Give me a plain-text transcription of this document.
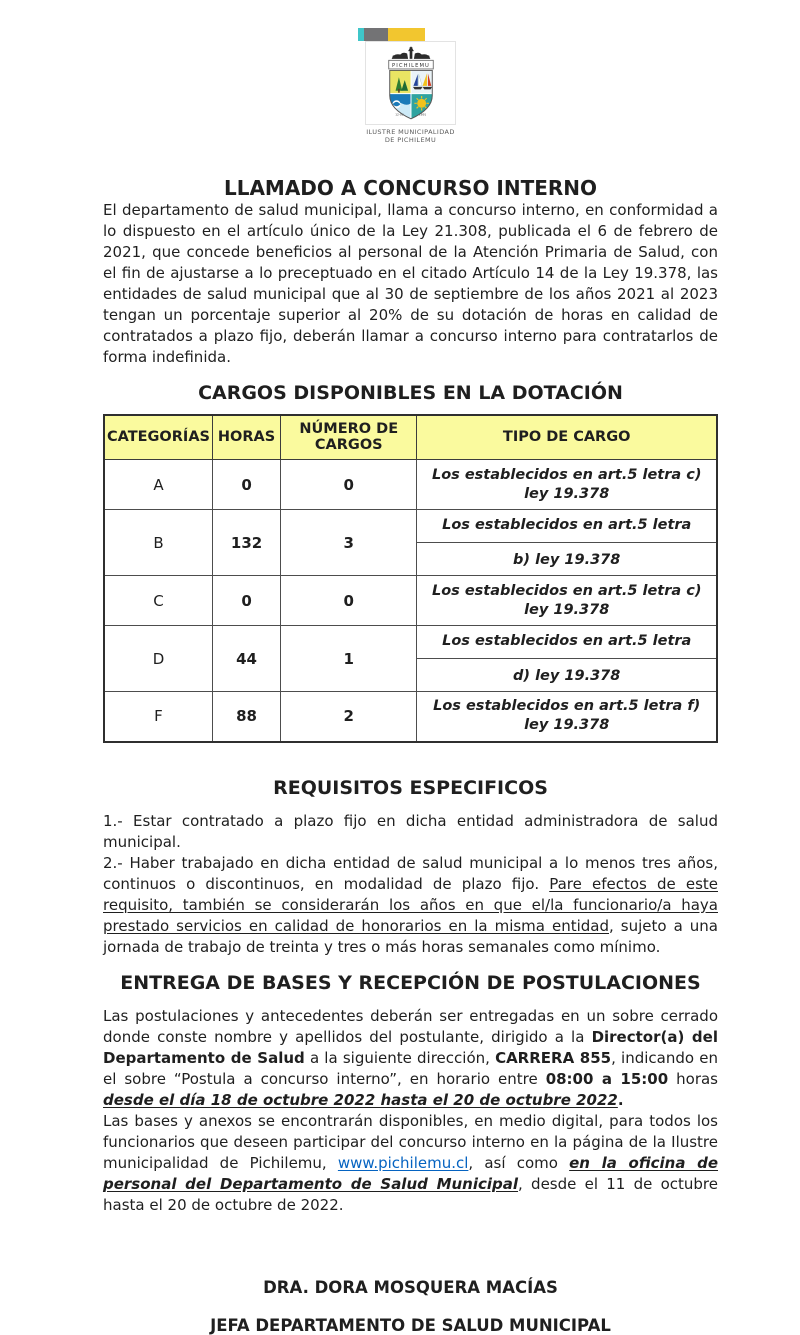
PICHILEMU
12-08	1891
ILUSTRE MUNICIPALIDAD
DE PICHILEMU
LLAMADO A CONCURSO INTERNO

El departamento de salud municipal, llama a concurso interno, en conformidad a lo dispuesto en el artículo único de la Ley 21.308, publicada el 6 de febrero de 2021, que concede beneficios al personal de la Atención Primaria de Salud, con el fin de ajustarse a lo preceptuado en el citado Artículo 14 de la Ley 19.378, las entidades de salud municipal que al 30 de septiembre de los años 2021 al 2023 tengan un porcentaje superior al 20% de su dotación de horas en calidad de contratados a plazo fijo, deberán llamar a concurso interno para contratarlos de forma indefinida.

CARGOS DISPONIBLES EN LA DOTACIÓN
CATEGORÍAS	HORAS	NÚMERO DE CARGOS	TIPO DE CARGO
A	0	0	Los establecidos en art.5 letra c) ley 19.378
B	132	3	Los establecidos en art.5 letra
b) ley 19.378

C	0	0	Los establecidos en art.5 letra c) ley 19.378
D	44	1	Los establecidos en art.5 letra
d) ley 19.378

F	88	2	Los establecidos en art.5 letra f) ley 19.378
REQUISITOS ESPECIFICOS

1.- Estar contratado a plazo fijo en dicha entidad administradora de salud municipal.

2.- Haber trabajado en dicha entidad de salud municipal a lo menos tres años, continuos o discontinuos, en modalidad de plazo fijo. Pare efectos de este requisito, también se considerarán los años en que el/la funcionario/a haya prestado servicios en calidad de honorarios en la misma entidad, sujeto a una jornada de trabajo de treinta y tres o más horas semanales como mínimo.

ENTREGA DE BASES Y RECEPCIÓN DE POSTULACIONES

Las postulaciones y antecedentes deberán ser entregadas en un sobre cerrado donde conste nombre y apellidos del postulante, dirigido a la Director(a) del Departamento de Salud a la siguiente dirección, CARRERA 855, indicando en el sobre “Postula a concurso interno”, en horario entre 08:00 a 15:00 horas desde el día 18 de octubre 2022 hasta el 20 de octubre 2022.

Las bases y anexos se encontrarán disponibles, en medio digital, para todos los funcionarios que deseen participar del concurso interno en la página de la Ilustre municipalidad de Pichilemu, www.pichilemu.cl, así como en la oficina de personal del Departamento de Salud Municipal, desde el 11 de octubre hasta el 20 de octubre de 2022.

DRA. DORA MOSQUERA MACÍAS
JEFA DEPARTAMENTO DE SALUD MUNICIPAL
